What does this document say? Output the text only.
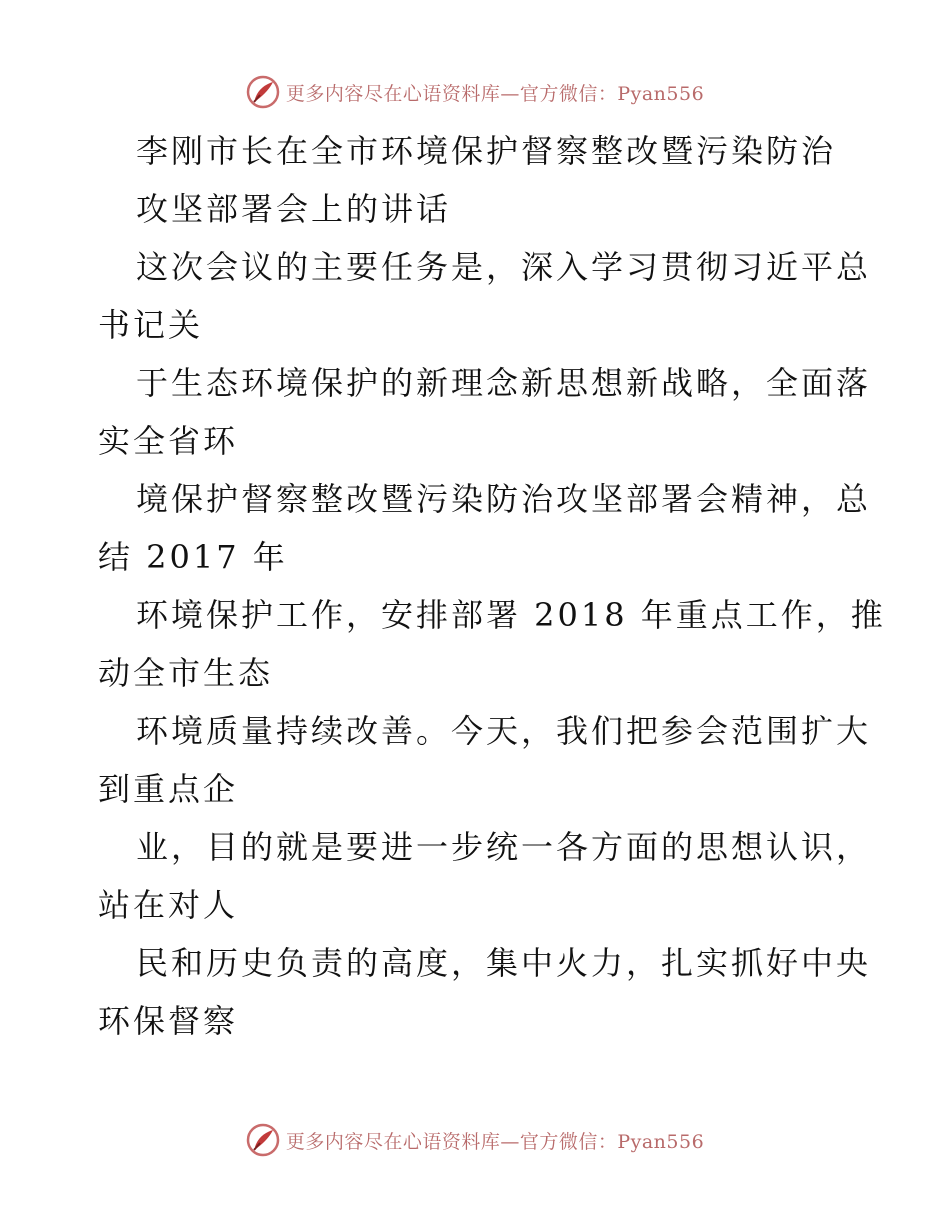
更多内容尽在心语资料库—官方微信：Pyan556
李刚市长在全市环境保护督察整改暨污染防治
攻坚部署会上的讲话
这次会议的主要任务是，深入学习贯彻习近平总
书记关
于生态环境保护的新理念新思想新战略，全面落
实全省环
境保护督察整改暨污染防治攻坚部署会精神，总
结 2017 年
环境保护工作，安排部署 2018 年重点工作，推
动全市生态
环境质量持续改善。今天，我们把参会范围扩大
到重点企
业，目的就是要进一步统一各方面的思想认识，
站在对人
民和历史负责的高度，集中火力，扎实抓好中央
环保督察
更多内容尽在心语资料库—官方微信：Pyan556
